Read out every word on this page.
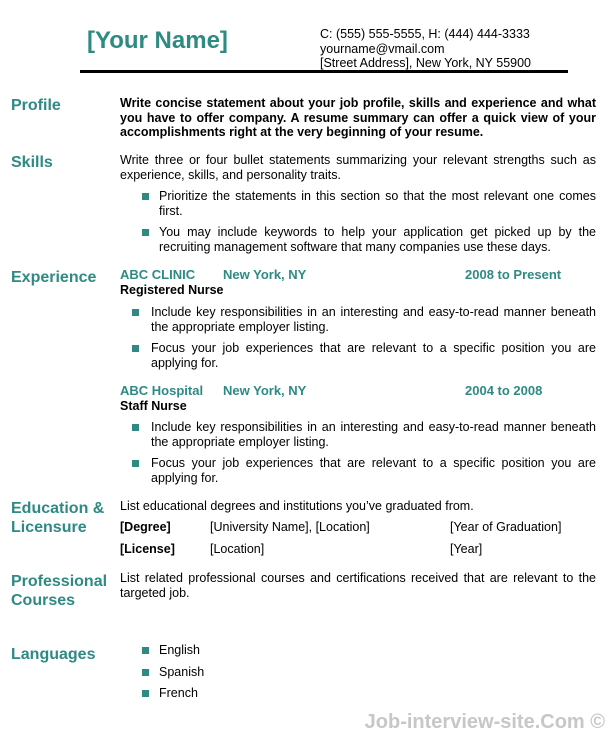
[Your Name]	C: (555) 555-5555, H: (444) 444-3333
yourname@vmail.com
[Street Address], New York, NY 55900
Profile	Write concise statement about your job profile, skills and experience and what you have to offer company. A resume summary can offer a quick view of your accomplishments right at the very beginning of your resume.
Skills	Write three or four bullet statements summarizing your relevant strengths such as experience, skills, and personality traits.
Prioritize the statements in this section so that the most relevant one comes first.
You may include keywords to help your application get picked up by the recruiting management software that many companies use these days.
Experience ABC CLINIC New York, NY	2008 to Present
Registered Nurse
Include key responsibilities in an interesting and easy-to-read manner beneath the appropriate employer listing.
Focus your job experiences that are relevant to a specific position you are applying for.
ABC Hospital New York, NY	2004 to 2008
Staff Nurse
Include key responsibilities in an interesting and easy-to-read manner beneath the appropriate employer listing.
Focus your job experiences that are relevant to a specific position you are applying for.
Education &
Licensure
List educational degrees and institutions you’ve graduated from.
[Degree]	[University Name], [Location]	[Year of Graduation]
[License]	[Location]	[Year]
Professional
Courses
List related professional courses and certifications received that are relevant to the targeted job.
Languages	English
Spanish
French
Job-interview-site.Com ©
